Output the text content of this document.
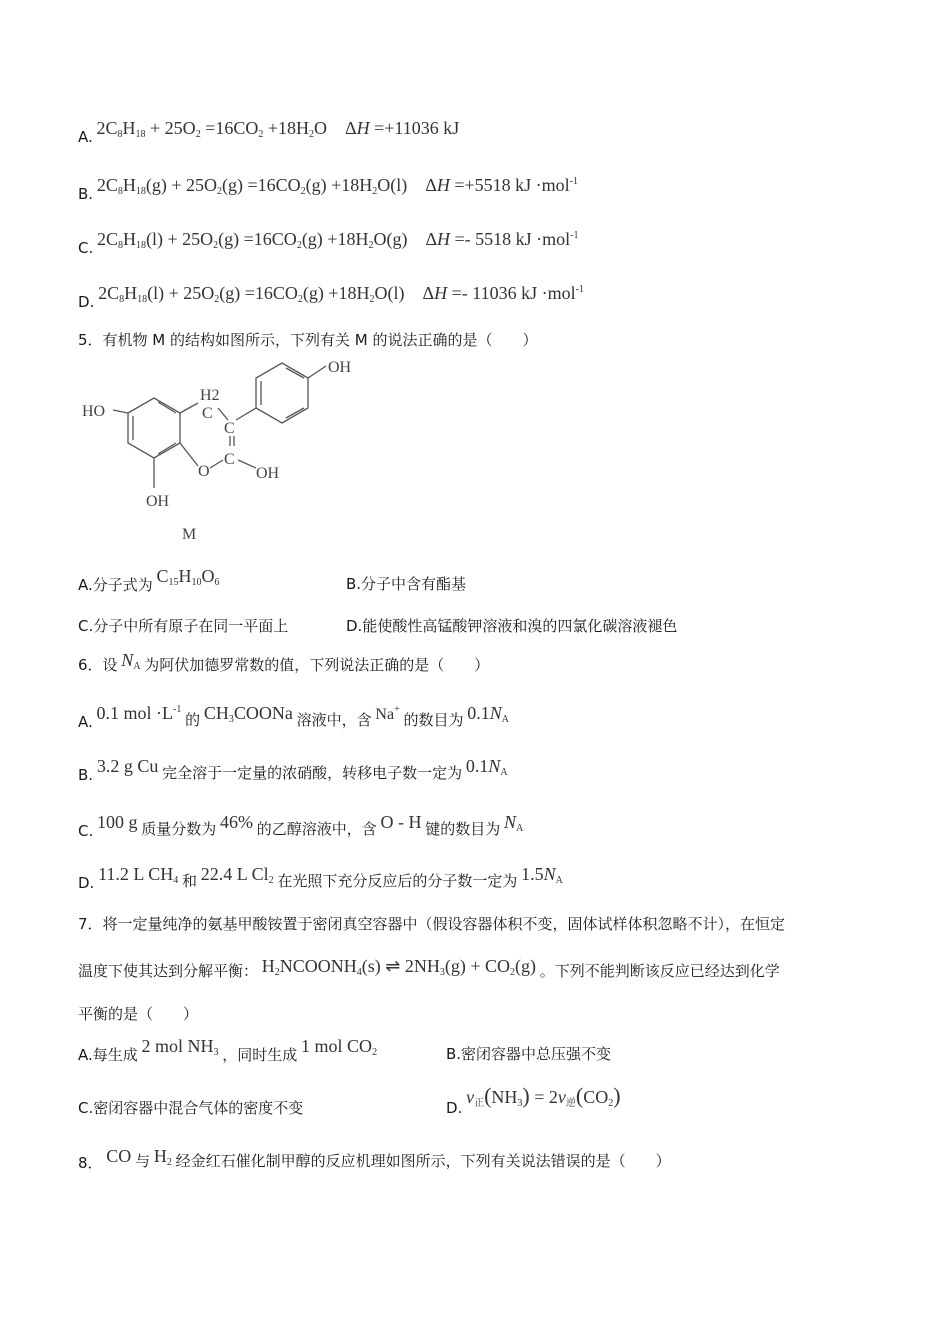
A. $2C_8H_{18} + 25O_2 =16CO_2 +18H_2O$    ΔH =+11036 kJ
B. $2C_8H_{18}(g) + 25O_2(g) =16CO_2(g) +18H_2O(l)$    ΔH =+5518 kJ ·mol$^{-1}$
C. $2C_8H_{18}(l) + 25O_2(g) =16CO_2(g) +18H_2O(g)$    ΔH =- 5518 kJ ·mol$^{-1}$
D. $2C_8H_{18}(l) + 25O_2(g) =16CO_2(g) +18H_2O(l)$    ΔH =- 11036 kJ ·mol$^{-1}$
5．有机物 M 的结构如图所示，下列有关 M 的说法正确的是（　　）
OH
HO
H2
C
C
C
O	OH
OH
M
A.分子式为 $C_{15}H_{10}O_6$	B.分子中含有酯基
C.分子中所有原子在同一平面上	D.能使酸性高锰酸钾溶液和溴的四氯化碳溶液褪色
6．设 $N_A$ 为阿伏加德罗常数的值，下列说法正确的是（　　）
A. 0.1 mol $\cdot L^{-1}$ 的 $CH_3COONa$ 溶液中，含 Na+ 的数目为 $0.1N_A$
B. 3.2 g Cu 完全溶于一定量的浓硝酸，转移电子数一定为 $0.1N_A$
C. 100 g 质量分数为 46% 的乙醇溶液中，含 O - H 键的数目为 $N_A$
D. 11.2 L $CH_4$ 和 22.4 L $Cl_2$ 在光照下充分反应后的分子数一定为 $1.5N_A$
7．将一定量纯净的氨基甲酸铵置于密闭真空容器中（假设容器体积不变，固体试样体积忽略不计），在恒定
温度下使其达到分解平衡： $H_2NCOONH_4(s)$ ⇌ $2NH_3(g) + CO_2(g)$ 。下列不能判断该反应已经达到化学
平衡的是（　　）
A.每生成 2 mol $NH_3$ ，同时生成 1 mol $CO_2$	B.密闭容器中总压强不变
C.密闭容器中混合气体的密度不变	D. $v_正(NH_3) = 2v_逆(CO_2)$
8． CO 与 $H_2$ 经金红石催化制甲醇的反应机理如图所示，下列有关说法错误的是（　　）
